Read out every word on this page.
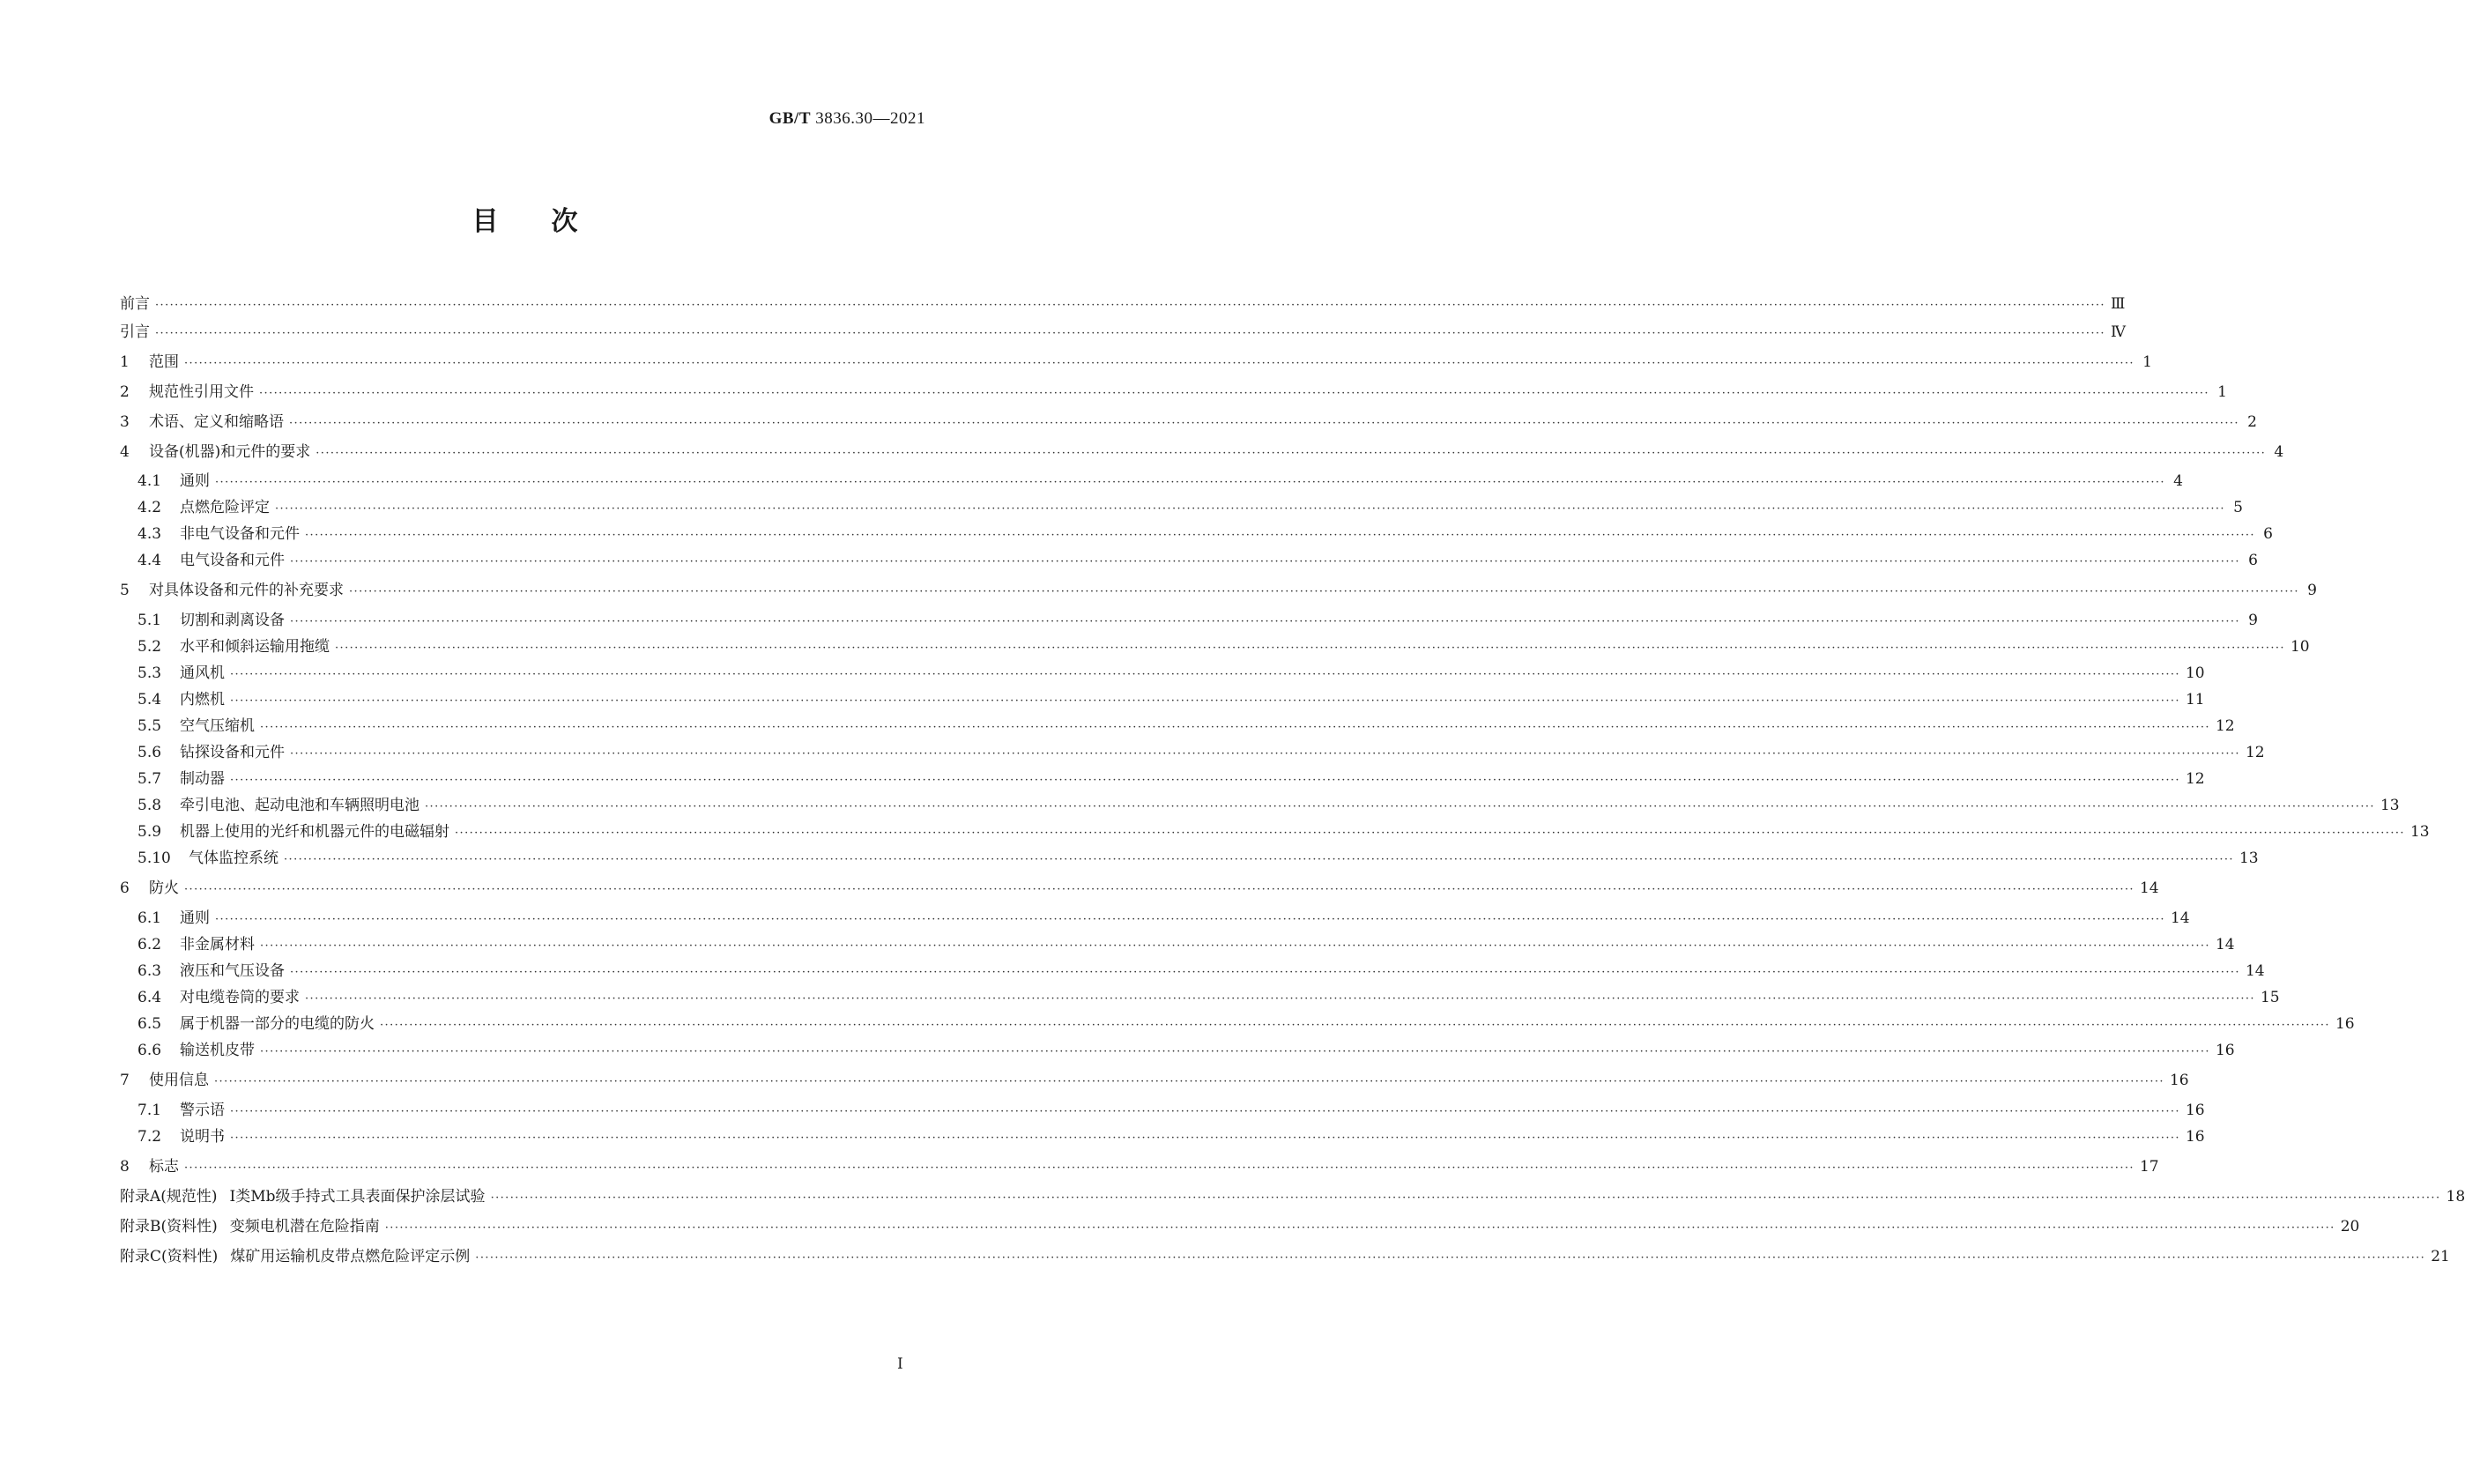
GB/T 3836.30—2021
目次
前言 ················································································································································································································································································································································································································ Ⅲ
引言 ················································································································································································································································································································································································································ Ⅳ
1 范围 ················································································································································································································································································································································································································ 1
2 规范性引用文件 ················································································································································································································································································································································································································ 1
3 术语、定义和缩略语 ················································································································································································································································································································································································································ 2
4 设备(机器)和元件的要求 ················································································································································································································································································································································································································ 4
4.1 通则 ················································································································································································································································································································································································································ 4
4.2 点燃危险评定 ················································································································································································································································································································································································································ 5
4.3 非电气设备和元件 ················································································································································································································································································································································································································ 6
4.4 电气设备和元件 ················································································································································································································································································································································································································ 6
5 对具体设备和元件的补充要求 ················································································································································································································································································································································································································ 9
5.1 切割和剥离设备 ················································································································································································································································································································································································································ 9
5.2 水平和倾斜运输用拖缆 ················································································································································································································································································································································································································ 10
5.3 通风机 ················································································································································································································································································································································································································ 10
5.4 内燃机 ················································································································································································································································································································································································································ 11
5.5 空气压缩机 ················································································································································································································································································································································································································ 12
5.6 钻探设备和元件 ················································································································································································································································································································································································································ 12
5.7 制动器 ················································································································································································································································································································································································································ 12
5.8 牵引电池、起动电池和车辆照明电池 ················································································································································································································································································································································································································ 13
5.9 机器上使用的光纤和机器元件的电磁辐射 ················································································································································································································································································································································································································ 13
5.10 气体监控系统 ················································································································································································································································································································································································································ 13
6 防火 ················································································································································································································································································································································································································ 14
6.1 通则 ················································································································································································································································································································································································································ 14
6.2 非金属材料 ················································································································································································································································································································································································································ 14
6.3 液压和气压设备 ················································································································································································································································································································································································································ 14
6.4 对电缆卷筒的要求 ················································································································································································································································································································································································································ 15
6.5 属于机器一部分的电缆的防火 ················································································································································································································································································································································································································ 16
6.6 输送机皮带 ················································································································································································································································································································································································································ 16
7 使用信息 ················································································································································································································································································································································································································ 16
7.1 警示语 ················································································································································································································································································································································································································ 16
7.2 说明书 ················································································································································································································································································································································································································ 16
8 标志 ················································································································································································································································································································································································································ 17
附录A(规范性) Ⅰ类Mb级手持式工具表面保护涂层试验 ················································································································································································································································································································································································································ 18
附录B(资料性) 变频电机潜在危险指南 ················································································································································································································································································································································································································ 20
附录C(资料性) 煤矿用运输机皮带点燃危险评定示例 ················································································································································································································································································································································································································ 21
Ⅰ
